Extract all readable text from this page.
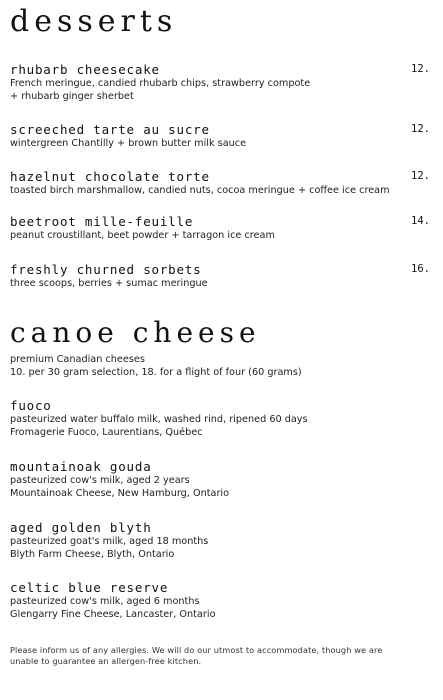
desserts
rhubarb cheesecake	12.
French meringue, candied rhubarb chips, strawberry compote
+ rhubarb ginger sherbet
screeched tarte au sucre	12.
wintergreen Chantilly + brown butter milk sauce
hazelnut chocolate torte	12.
toasted birch marshmallow, candied nuts, cocoa meringue + coffee ice cream
beetroot mille-feuille	14.
peanut croustillant, beet powder + tarragon ice cream
freshly churned sorbets	16.
three scoops, berries + sumac meringue
canoe cheese
premium Canadian cheeses
10. per 30 gram selection, 18. for a flight of four (60 grams)
fuoco
pasteurized water buffalo milk, washed rind, ripened 60 days
Fromagerie Fuoco, Laurentians, Québec
mountainoak gouda
pasteurized cow's milk, aged 2 years
Mountainoak Cheese, New Hamburg, Ontario
aged golden blyth
pasteurized goat's milk, aged 18 months
Blyth Farm Cheese, Blyth, Ontario
celtic blue reserve
pasteurized cow's milk, aged 6 months
Glengarry Fine Cheese, Lancaster, Ontario
Please inform us of any allergies. We will do our utmost to accommodate, though we are
unable to guarantee an allergen-free kitchen.
